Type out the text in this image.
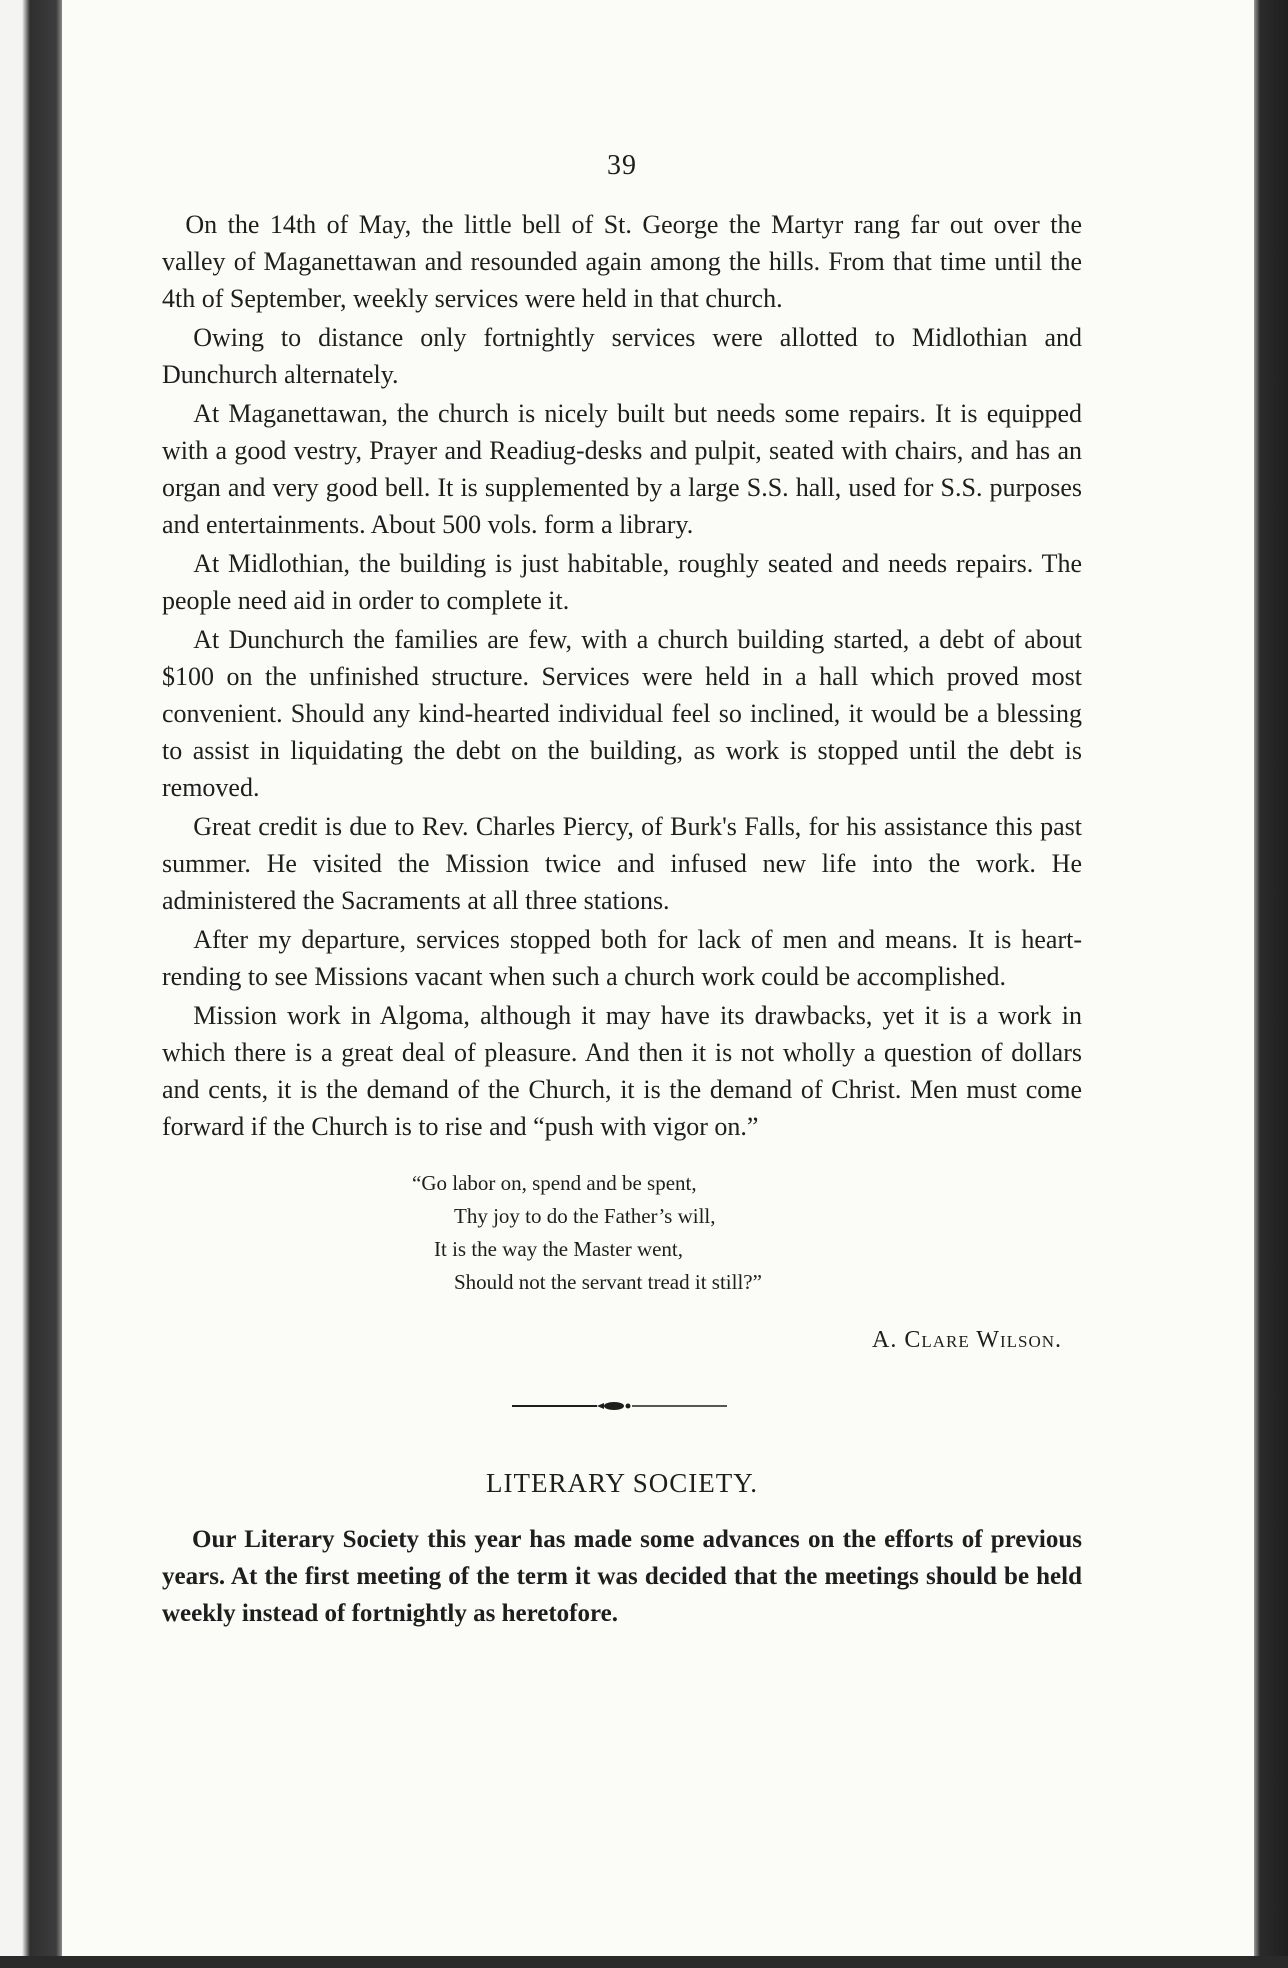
39

On the 14th of May, the little bell of St. George the Martyr rang far out over the valley of Maganettawan and resounded again among the hills. From that time until the 4th of September, weekly services were held in that church.

Owing to distance only fortnightly services were allotted to Midlothian and Dunchurch alternately.

At Maganettawan, the church is nicely built but needs some repairs. It is equipped with a good vestry, Prayer and Readiug-desks and pulpit, seated with chairs, and has an organ and very good bell. It is supplemented by a large S.S. hall, used for S.S. purposes and entertainments. About 500 vols. form a library.

At Midlothian, the building is just habitable, roughly seated and needs repairs. The people need aid in order to complete it.

At Dunchurch the families are few, with a church building started, a debt of about $100 on the unfinished structure. Services were held in a hall which proved most convenient. Should any kind-hearted individual feel so inclined, it would be a blessing to assist in liquidating the debt on the building, as work is stopped until the debt is removed.

Great credit is due to Rev. Charles Piercy, of Burk's Falls, for his assistance this past summer. He visited the Mission twice and infused new life into the work. He administered the Sacraments at all three stations.

After my departure, services stopped both for lack of men and means. It is heart-rending to see Missions vacant when such a church work could be accomplished.

Mission work in Algoma, although it may have its drawbacks, yet it is a work in which there is a great deal of pleasure. And then it is not wholly a question of dollars and cents, it is the demand of the Church, it is the demand of Christ. Men must come forward if the Church is to rise and “push with vigor on.”

“Go labor on, spend and be spent,
Thy joy to do the Father’s will,
It is the way the Master went,
Should not the servant tread it still?”
A. Clare Wilson.
LITERARY SOCIETY.

Our Literary Society this year has made some advances on the efforts of previous years. At the first meeting of the term it was decided that the meetings should be held weekly instead of fortnightly as heretofore.
